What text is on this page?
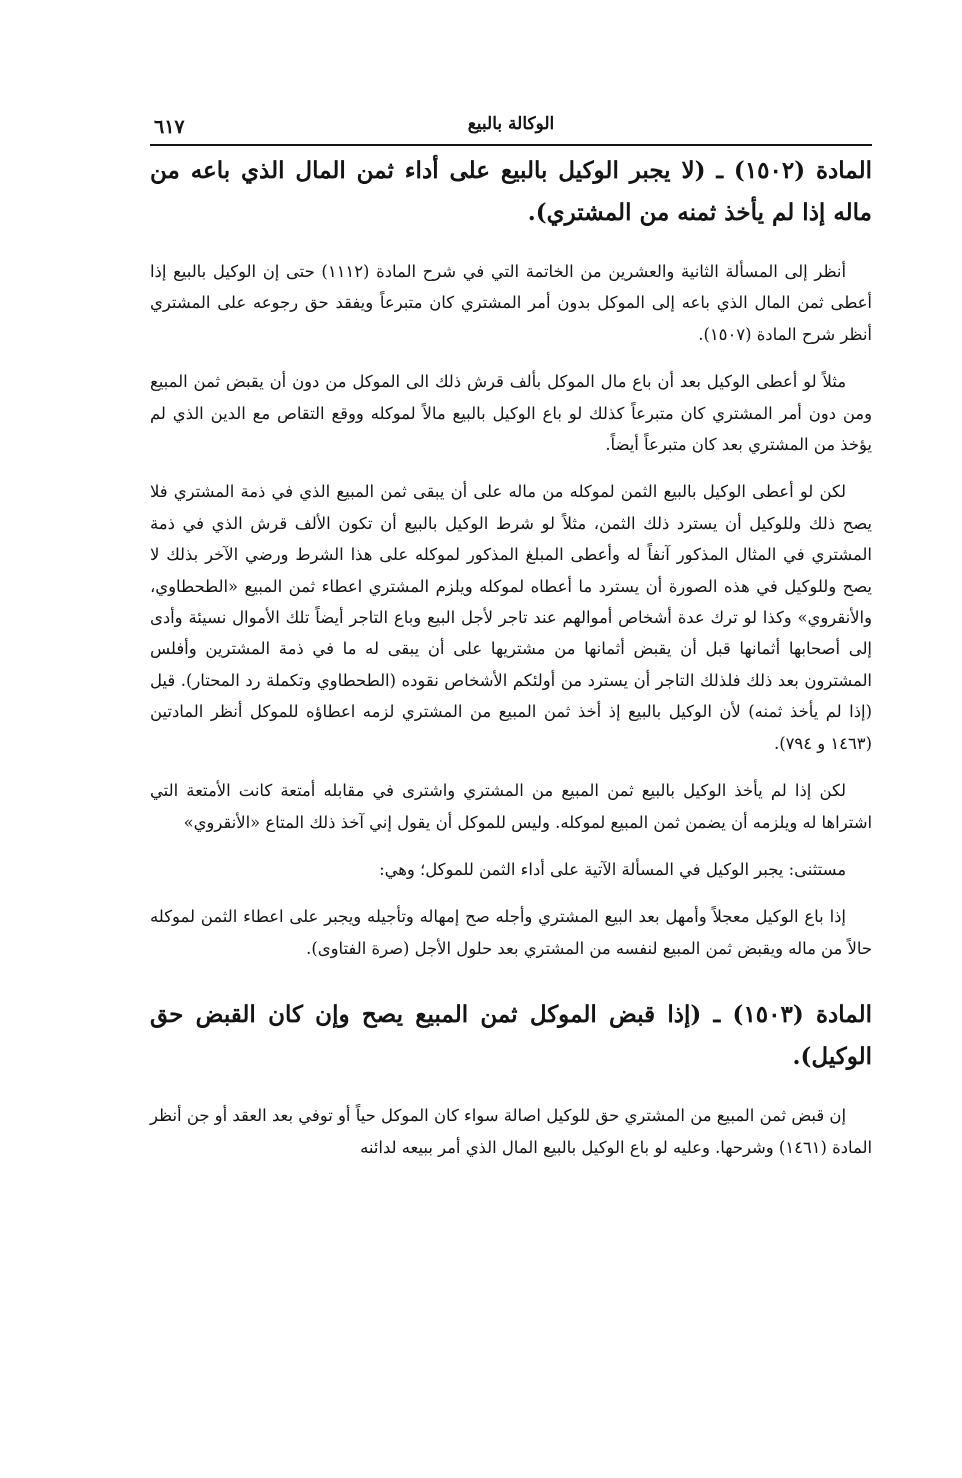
الوكالة بالبيع
٦١٧

المادة (١٥٠٢) ـ (لا يجبر الوكيل بالبيع على أداء ثمن المال الذي باعه من ماله إذا لم يأخذ ثمنه من المشتري).

أنظر إلى المسألة الثانية والعشرين من الخاتمة التي في شرح المادة (١١١٢) حتى إن الوكيل بالبيع إذا أعطى ثمن المال الذي باعه إلى الموكل بدون أمر المشتري كان متبرعاً ويفقد حق رجوعه على المشتري أنظر شرح المادة (١٥٠٧).

مثلاً لو أعطى الوكيل بعد أن باع مال الموكل بألف قرش ذلك الى الموكل من دون أن يقبض ثمن المبيع ومن دون أمر المشتري كان متبرعاً كذلك لو باع الوكيل بالبيع مالاً لموكله ووقع التقاص مع الدين الذي لم يؤخذ من المشتري بعد كان متبرعاً أيضاً.

لكن لو أعطى الوكيل بالبيع الثمن لموكله من ماله على أن يبقى ثمن المبيع الذي في ذمة المشتري فلا يصح ذلك وللوكيل أن يسترد ذلك الثمن، مثلاً لو شرط الوكيل بالبيع أن تكون الألف قرش الذي في ذمة المشتري في المثال المذكور آنفاً له وأعطى المبلغ المذكور لموكله على هذا الشرط ورضي الآخر بذلك لا يصح وللوكيل في هذه الصورة أن يسترد ما أعطاه لموكله ويلزم المشتري اعطاء ثمن المبيع «الطحطاوي، والأنقروي» وكذا لو ترك عدة أشخاص أموالهم عند تاجر لأجل البيع وباع التاجر أيضاً تلك الأموال نسيئة وأدى إلى أصحابها أثمانها قبل أن يقبض أثمانها من مشتريها على أن يبقى له ما في ذمة المشترين وأفلس المشترون بعد ذلك فلذلك التاجر أن يسترد من أولئكم الأشخاص نقوده (الطحطاوي وتكملة رد المحتار). قيل (إذا لم يأخذ ثمنه) لأن الوكيل بالبيع إذ أخذ ثمن المبيع من المشتري لزمه اعطاؤه للموكل أنظر المادتين (١٤٦٣ و ٧٩٤).

لكن إذا لم يأخذ الوكيل بالبيع ثمن المبيع من المشتري واشترى في مقابله أمتعة كانت الأمتعة التي اشتراها له ويلزمه أن يضمن ثمن المبيع لموكله. وليس للموكل أن يقول إني آخذ ذلك المتاع «الأنقروي»

مستثنى: يجبر الوكيل في المسألة الآتية على أداء الثمن للموكل؛ وهي:

إذا باع الوكيل معجلاً وأمهل بعد البيع المشتري وأجله صح إمهاله وتأجيله ويجبر على اعطاء الثمن لموكله حالاً من ماله ويقبض ثمن المبيع لنفسه من المشتري بعد حلول الأجل (صرة الفتاوى).

المادة (١٥٠٣) ـ (إذا قبض الموكل ثمن المبيع يصح وإن كان القبض حق الوكيل).

إن قبض ثمن المبيع من المشتري حق للوكيل اصالة سواء كان الموكل حياً أو توفي بعد العقد أو جن أنظر المادة (١٤٦١) وشرحها. وعليه لو باع الوكيل بالبيع المال الذي أمر ببيعه لدائنه
